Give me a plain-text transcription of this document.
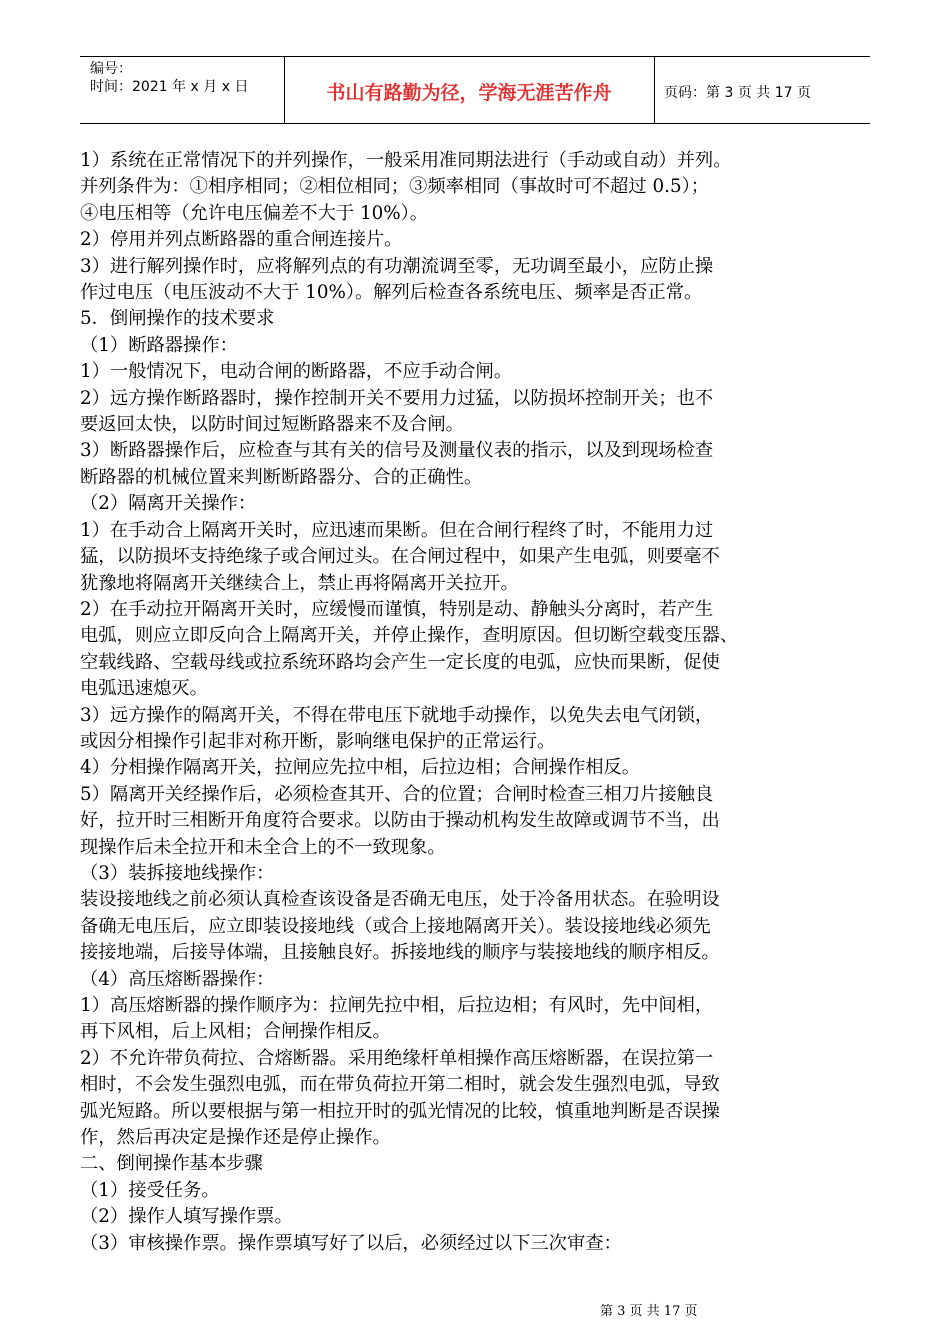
编号：
时间：2021 年 x 月 x 日	书山有路勤为径，学海无涯苦作舟	页码：第 3 页 共 17 页
1）系统在正常情况下的并列操作，一般采用准同期法进行（手动或自动）并列。
并列条件为：①相序相同；②相位相同；③频率相同（事故时可不超过 0.5）；
④电压相等（允许电压偏差不大于 10%）。
2）停用并列点断路器的重合闸连接片。
3）进行解列操作时，应将解列点的有功潮流调至零，无功调至最小，应防止操
作过电压（电压波动不大于 10%）。解列后检查各系统电压、频率是否正常。
5．倒闸操作的技术要求
（1）断路器操作：
1）一般情况下，电动合闸的断路器，不应手动合闸。
2）远方操作断路器时，操作控制开关不要用力过猛，以防损坏控制开关；也不
要返回太快，以防时间过短断路器来不及合闸。
3）断路器操作后，应检查与其有关的信号及测量仪表的指示，以及到现场检查
断路器的机械位置来判断断路器分、合的正确性。
（2）隔离开关操作：
1）在手动合上隔离开关时，应迅速而果断。但在合闸行程终了时，不能用力过
猛，以防损坏支持绝缘子或合闸过头。在合闸过程中，如果产生电弧，则要毫不
犹豫地将隔离开关继续合上，禁止再将隔离开关拉开。
2）在手动拉开隔离开关时，应缓慢而谨慎，特别是动、静触头分离时，若产生
电弧，则应立即反向合上隔离开关，并停止操作，查明原因。但切断空载变压器、
空载线路、空载母线或拉系统环路均会产生一定长度的电弧，应快而果断，促使
电弧迅速熄灭。
3）远方操作的隔离开关，不得在带电压下就地手动操作，以免失去电气闭锁，
或因分相操作引起非对称开断，影响继电保护的正常运行。
4）分相操作隔离开关，拉闸应先拉中相，后拉边相；合闸操作相反。
5）隔离开关经操作后，必须检查其开、合的位置；合闸时检查三相刀片接触良
好，拉开时三相断开角度符合要求。以防由于操动机构发生故障或调节不当，出
现操作后未全拉开和未全合上的不一致现象。
（3）装拆接地线操作：
装设接地线之前必须认真检查该设备是否确无电压，处于冷备用状态。在验明设
备确无电压后，应立即装设接地线（或合上接地隔离开关）。装设接地线必须先
接接地端，后接导体端，且接触良好。拆接地线的顺序与装接地线的顺序相反。
（4）高压熔断器操作：
1）高压熔断器的操作顺序为：拉闸先拉中相，后拉边相；有风时，先中间相，
再下风相，后上风相；合闸操作相反。
2）不允许带负荷拉、合熔断器。采用绝缘杆单相操作高压熔断器，在误拉第一
相时，不会发生强烈电弧，而在带负荷拉开第二相时，就会发生强烈电弧，导致
弧光短路。所以要根据与第一相拉开时的弧光情况的比较，慎重地判断是否误操
作，然后再决定是操作还是停止操作。
二、倒闸操作基本步骤
（1）接受任务。
（2）操作人填写操作票。
（3）审核操作票。操作票填写好了以后，必须经过以下三次审查：
第 3 页 共 17 页
